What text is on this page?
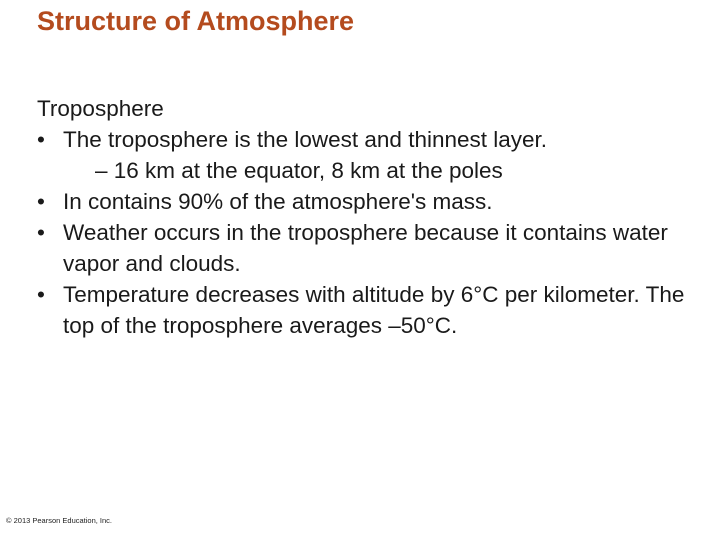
Structure of Atmosphere

Troposphere

• The troposphere is the lowest and thinnest layer.
– 16 km at the equator, 8 km at the poles
• In contains 90% of the atmosphere's mass.
• Weather occurs in the troposphere because it contains water vapor and clouds.
• Temperature decreases with altitude by 6°C per kilometer. The top of the troposphere averages –50°C.
© 2013 Pearson Education, Inc.
